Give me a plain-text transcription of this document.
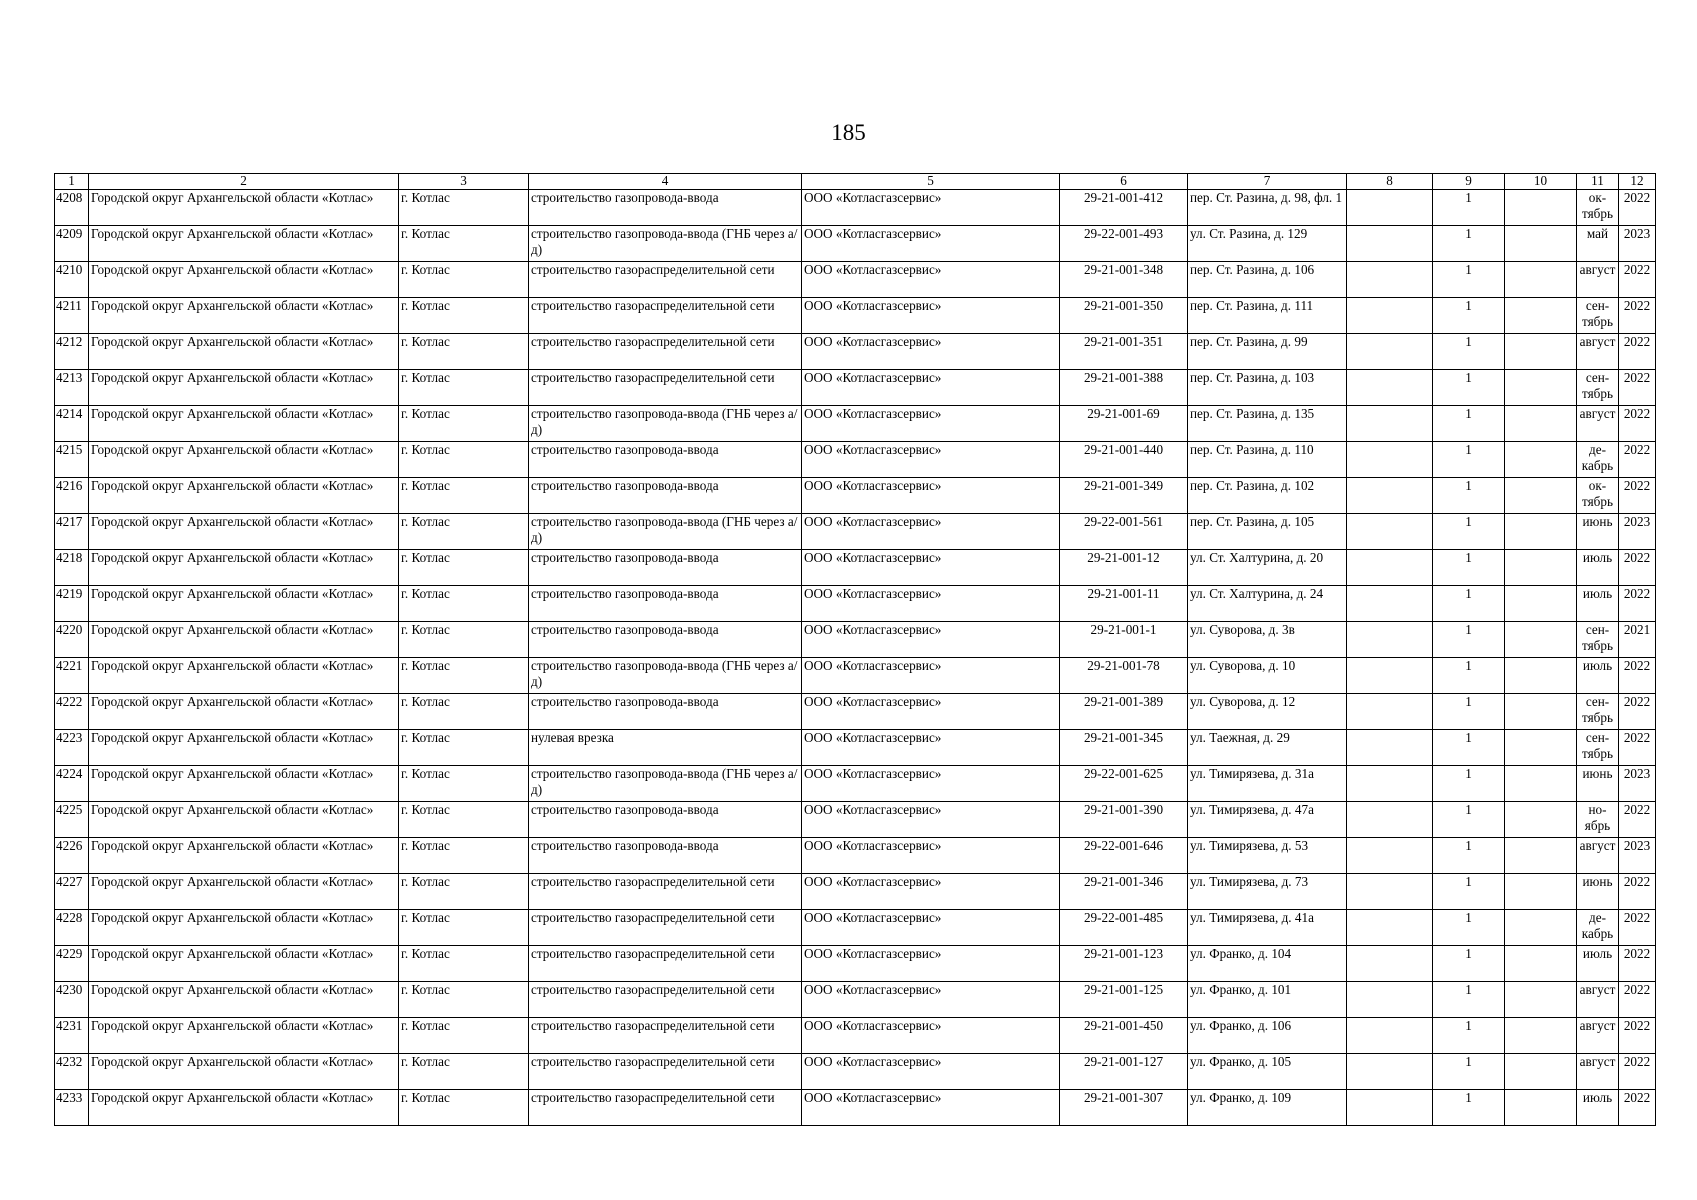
185
1	2	3	4	5	6	7	8	9	10	11	12
4208	Городской округ Архангельской области «Котлас»	г. Котлас	строительство газопровода-ввода	ООО «Котласгазсервис»	29-21-001-412	пер. Ст. Разина, д. 98, фл. 1		1		ок- тябрь	2022
4209	Городской округ Архангельской области «Котлас»	г. Котлас	строительство газопровода-ввода (ГНБ через а/д)	ООО «Котласгазсервис»	29-22-001-493	ул. Ст. Разина, д. 129		1		май	2023
4210	Городской округ Архангельской области «Котлас»	г. Котлас	строительство газораспределительной сети	ООО «Котласгазсервис»	29-21-001-348	пер. Ст. Разина, д. 106		1		август	2022
4211	Городской округ Архангельской области «Котлас»	г. Котлас	строительство газораспределительной сети	ООО «Котласгазсервис»	29-21-001-350	пер. Ст. Разина, д. 111		1		сен- тябрь	2022
4212	Городской округ Архангельской области «Котлас»	г. Котлас	строительство газораспределительной сети	ООО «Котласгазсервис»	29-21-001-351	пер. Ст. Разина, д. 99		1		август	2022
4213	Городской округ Архангельской области «Котлас»	г. Котлас	строительство газораспределительной сети	ООО «Котласгазсервис»	29-21-001-388	пер. Ст. Разина, д. 103		1		сен- тябрь	2022
4214	Городской округ Архангельской области «Котлас»	г. Котлас	строительство газопровода-ввода (ГНБ через а/д)	ООО «Котласгазсервис»	29-21-001-69	пер. Ст. Разина, д. 135		1		август	2022
4215	Городской округ Архангельской области «Котлас»	г. Котлас	строительство газопровода-ввода	ООО «Котласгазсервис»	29-21-001-440	пер. Ст. Разина, д. 110		1		де- кабрь	2022
4216	Городской округ Архангельской области «Котлас»	г. Котлас	строительство газопровода-ввода	ООО «Котласгазсервис»	29-21-001-349	пер. Ст. Разина, д. 102		1		ок- тябрь	2022
4217	Городской округ Архангельской области «Котлас»	г. Котлас	строительство газопровода-ввода (ГНБ через а/д)	ООО «Котласгазсервис»	29-22-001-561	пер. Ст. Разина, д. 105		1		июнь	2023
4218	Городской округ Архангельской области «Котлас»	г. Котлас	строительство газопровода-ввода	ООО «Котласгазсервис»	29-21-001-12	ул. Ст. Халтурина, д. 20		1		июль	2022
4219	Городской округ Архангельской области «Котлас»	г. Котлас	строительство газопровода-ввода	ООО «Котласгазсервис»	29-21-001-11	ул. Ст. Халтурина, д. 24		1		июль	2022
4220	Городской округ Архангельской области «Котлас»	г. Котлас	строительство газопровода-ввода	ООО «Котласгазсервис»	29-21-001-1	ул. Суворова, д. 3в		1		сен- тябрь	2021
4221	Городской округ Архангельской области «Котлас»	г. Котлас	строительство газопровода-ввода (ГНБ через а/д)	ООО «Котласгазсервис»	29-21-001-78	ул. Суворова, д. 10		1		июль	2022
4222	Городской округ Архангельской области «Котлас»	г. Котлас	строительство газопровода-ввода	ООО «Котласгазсервис»	29-21-001-389	ул. Суворова, д. 12		1		сен- тябрь	2022
4223	Городской округ Архангельской области «Котлас»	г. Котлас	нулевая врезка	ООО «Котласгазсервис»	29-21-001-345	ул. Таежная, д. 29		1		сен- тябрь	2022
4224	Городской округ Архангельской области «Котлас»	г. Котлас	строительство газопровода-ввода (ГНБ через а/д)	ООО «Котласгазсервис»	29-22-001-625	ул. Тимирязева, д. 31а		1		июнь	2023
4225	Городской округ Архангельской области «Котлас»	г. Котлас	строительство газопровода-ввода	ООО «Котласгазсервис»	29-21-001-390	ул. Тимирязева, д. 47а		1		но- ябрь	2022
4226	Городской округ Архангельской области «Котлас»	г. Котлас	строительство газопровода-ввода	ООО «Котласгазсервис»	29-22-001-646	ул. Тимирязева, д. 53		1		август	2023
4227	Городской округ Архангельской области «Котлас»	г. Котлас	строительство газораспределительной сети	ООО «Котласгазсервис»	29-21-001-346	ул. Тимирязева, д. 73		1		июнь	2022
4228	Городской округ Архангельской области «Котлас»	г. Котлас	строительство газораспределительной сети	ООО «Котласгазсервис»	29-22-001-485	ул. Тимирязева, д. 41а		1		де- кабрь	2022
4229	Городской округ Архангельской области «Котлас»	г. Котлас	строительство газораспределительной сети	ООО «Котласгазсервис»	29-21-001-123	ул. Франко, д. 104		1		июль	2022
4230	Городской округ Архангельской области «Котлас»	г. Котлас	строительство газораспределительной сети	ООО «Котласгазсервис»	29-21-001-125	ул. Франко, д. 101		1		август	2022
4231	Городской округ Архангельской области «Котлас»	г. Котлас	строительство газораспределительной сети	ООО «Котласгазсервис»	29-21-001-450	ул. Франко, д. 106		1		август	2022
4232	Городской округ Архангельской области «Котлас»	г. Котлас	строительство газораспределительной сети	ООО «Котласгазсервис»	29-21-001-127	ул. Франко, д. 105		1		август	2022
4233	Городской округ Архангельской области «Котлас»	г. Котлас	строительство газораспределительной сети	ООО «Котласгазсервис»	29-21-001-307	ул. Франко, д. 109		1		июль	2022
